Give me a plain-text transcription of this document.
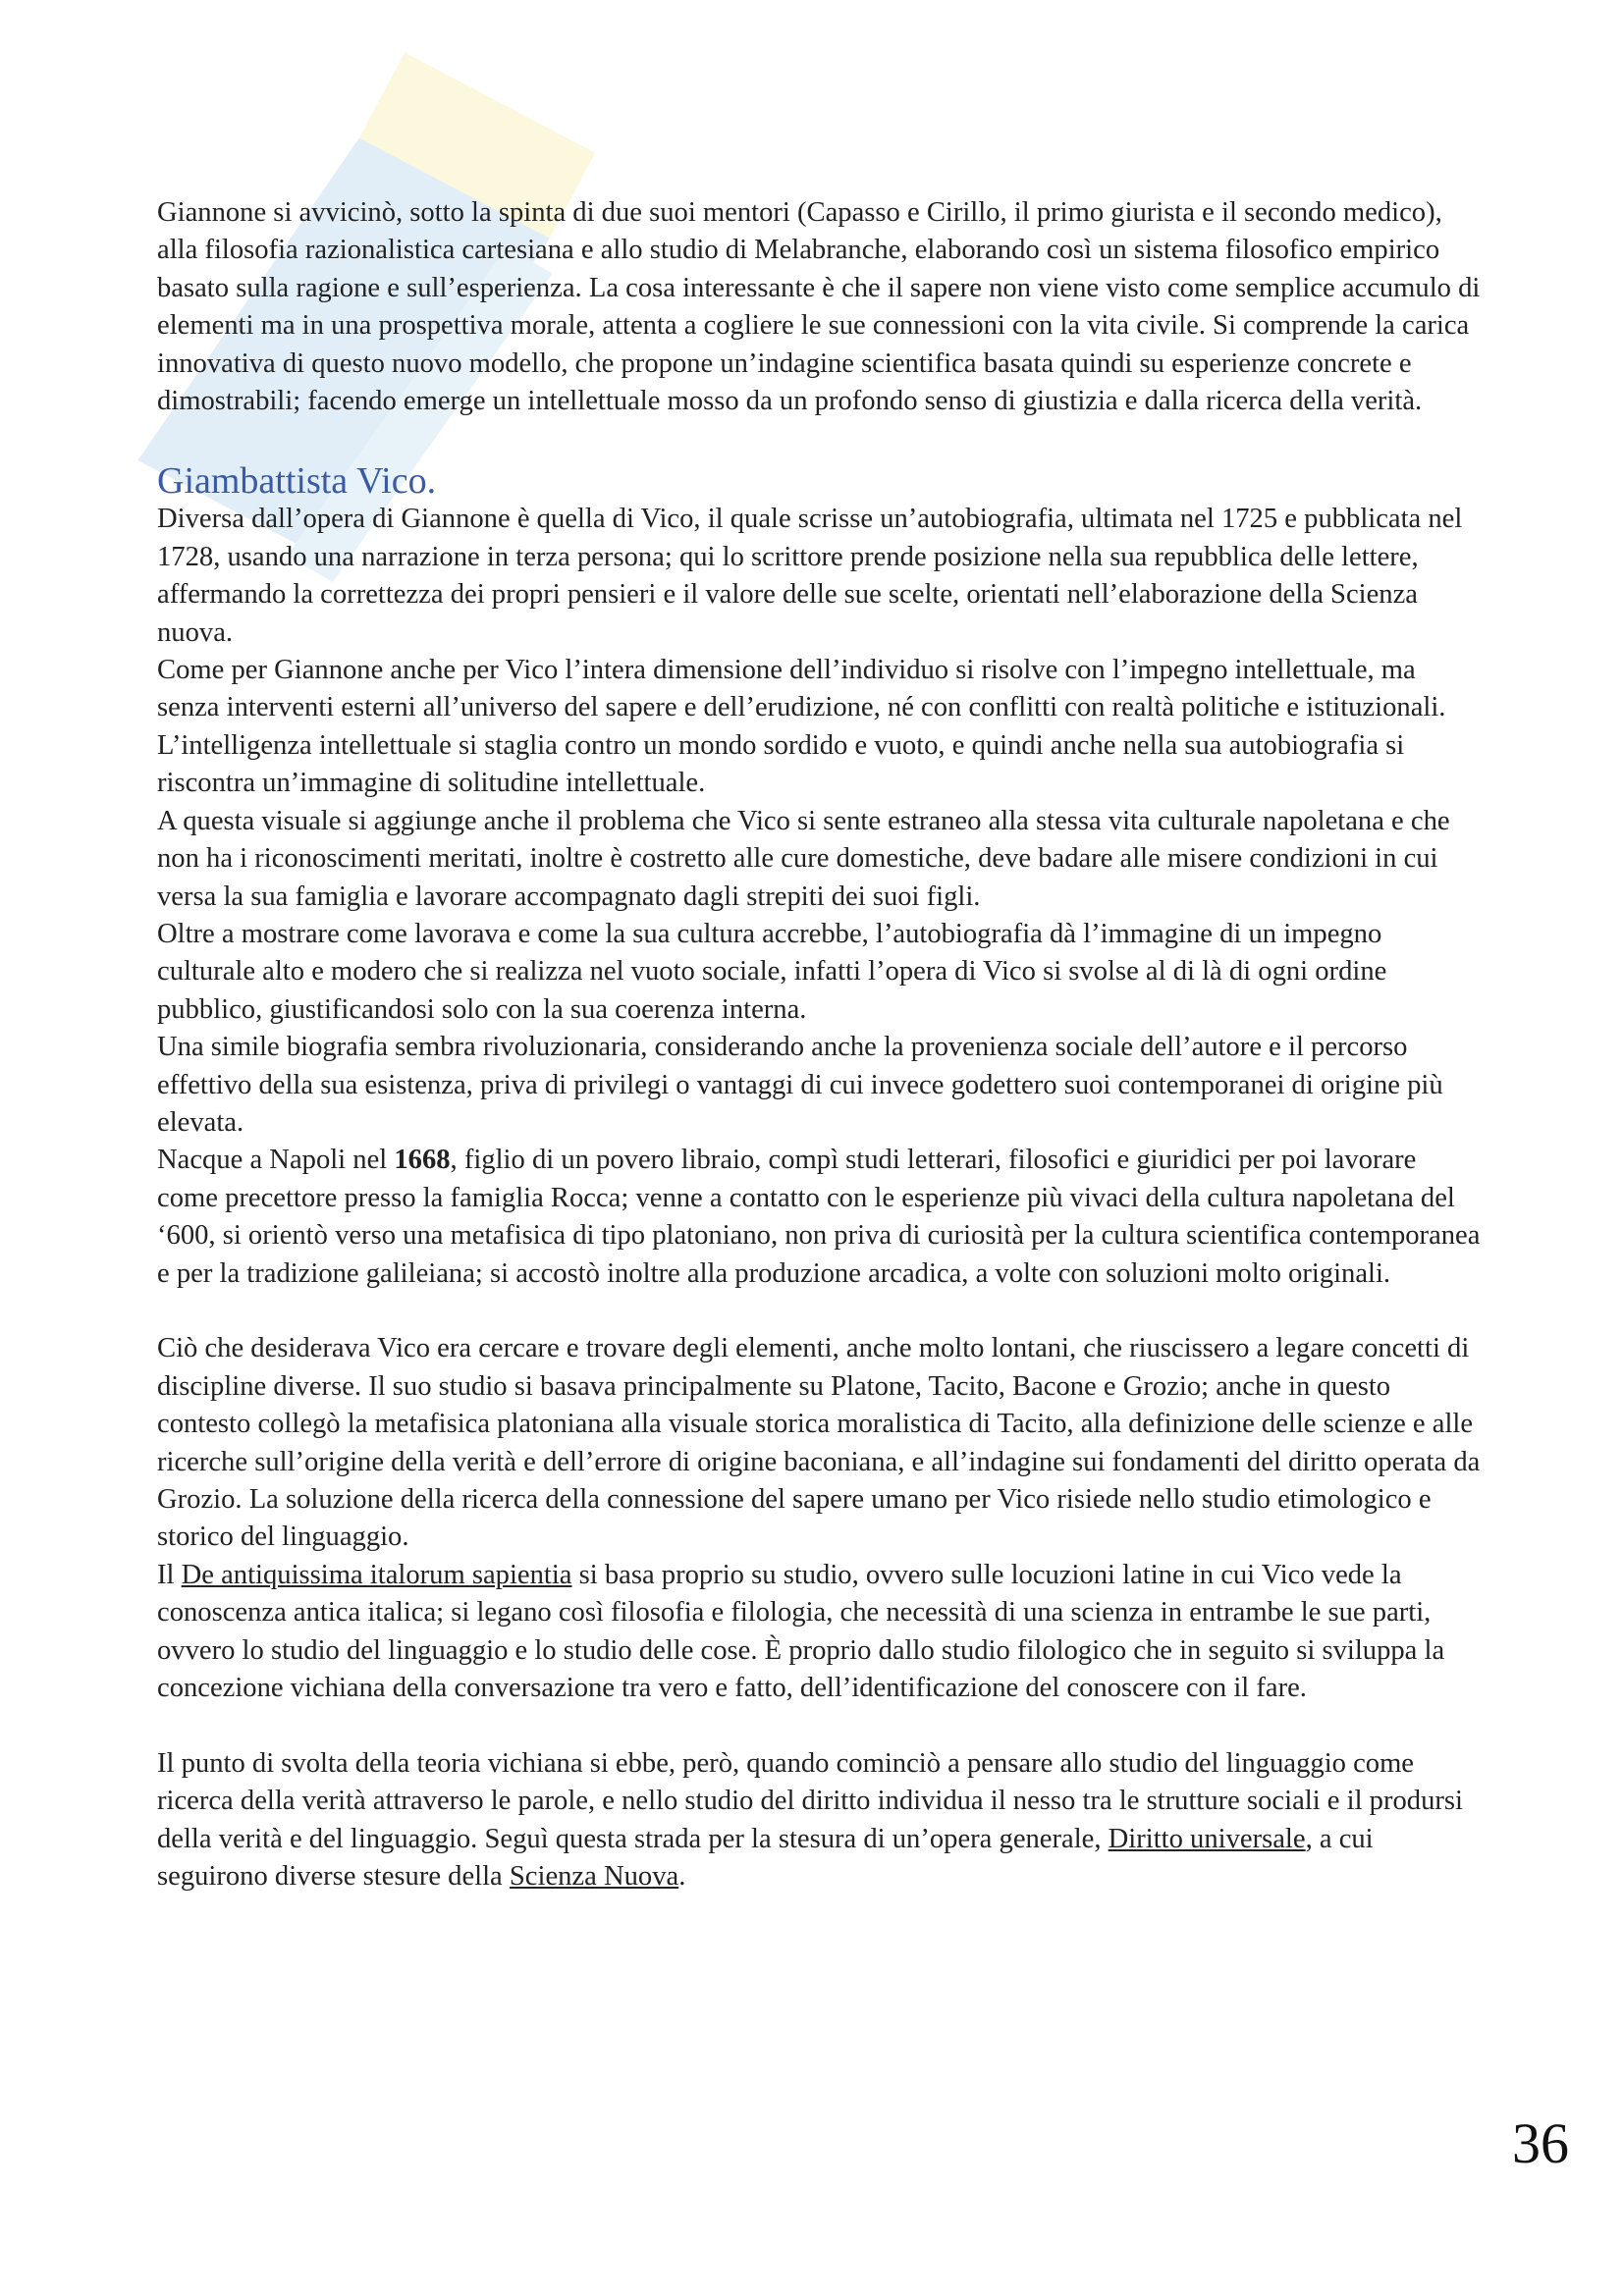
Giannone si avvicinò, sotto la spinta di due suoi mentori (Capasso e Cirillo, il primo giurista e il secondo medico), alla filosofia razionalistica cartesiana e allo studio di Melabranche, elaborando così un sistema filosofico empirico basato sulla ragione e sull’esperienza. La cosa interessante è che il sapere non viene visto come semplice accumulo di elementi ma in una prospettiva morale, attenta a cogliere le sue connessioni con la vita civile. Si comprende la carica innovativa di questo nuovo modello, che propone un’indagine scientifica basata quindi su esperienze concrete e dimostrabili; facendo emerge un intellettuale mosso da un profondo senso di giustizia e dalla ricerca della verità.

Giambattista Vico.

Diversa dall’opera di Giannone è quella di Vico, il quale scrisse un’autobiografia, ultimata nel 1725 e pubblicata nel 1728, usando una narrazione in terza persona; qui lo scrittore prende posizione nella sua repubblica delle lettere, affermando la correttezza dei propri pensieri e il valore delle sue scelte, orientati nell’elaborazione della Scienza nuova.

Come per Giannone anche per Vico l’intera dimensione dell’individuo si risolve con l’impegno intellettuale, ma senza interventi esterni all’universo del sapere e dell’erudizione, né con conflitti con realtà politiche e istituzionali. L’intelligenza intellettuale si staglia contro un mondo sordido e vuoto, e quindi anche nella sua autobiografia si riscontra un’immagine di solitudine intellettuale.

A questa visuale si aggiunge anche il problema che Vico si sente estraneo alla stessa vita culturale napoletana e che non ha i riconoscimenti meritati, inoltre è costretto alle cure domestiche, deve badare alle misere condizioni in cui versa la sua famiglia e lavorare accompagnato dagli strepiti dei suoi figli.

Oltre a mostrare come lavorava e come la sua cultura accrebbe, l’autobiografia dà l’immagine di un impegno culturale alto e modero che si realizza nel vuoto sociale, infatti l’opera di Vico si svolse al di là di ogni ordine pubblico, giustificandosi solo con la sua coerenza interna.

Una simile biografia sembra rivoluzionaria, considerando anche la provenienza sociale dell’autore e il percorso effettivo della sua esistenza, priva di privilegi o vantaggi di cui invece godettero suoi contemporanei di origine più elevata.

Nacque a Napoli nel 1668, figlio di un povero libraio, compì studi letterari, filosofici e giuridici per poi lavorare come precettore presso la famiglia Rocca; venne a contatto con le esperienze più vivaci della cultura napoletana del ‘600, si orientò verso una metafisica di tipo platoniano, non priva di curiosità per la cultura scientifica contemporanea e per la tradizione galileiana; si accostò inoltre alla produzione arcadica, a volte con soluzioni molto originali.

Ciò che desiderava Vico era cercare e trovare degli elementi, anche molto lontani, che riuscissero a legare concetti di discipline diverse. Il suo studio si basava principalmente su Platone, Tacito, Bacone e Grozio; anche in questo contesto collegò la metafisica platoniana alla visuale storica moralistica di Tacito, alla definizione delle scienze e alle ricerche sull’origine della verità e dell’errore di origine baconiana, e all’indagine sui fondamenti del diritto operata da Grozio. La soluzione della ricerca della connessione del sapere umano per Vico risiede nello studio etimologico e storico del linguaggio.

Il De antiquissima italorum sapientia si basa proprio su studio, ovvero sulle locuzioni latine in cui Vico vede la conoscenza antica italica; si legano così filosofia e filologia, che necessità di una scienza in entrambe le sue parti, ovvero lo studio del linguaggio e lo studio delle cose. È proprio dallo studio filologico che in seguito si sviluppa la concezione vichiana della conversazione tra vero e fatto, dell’identificazione del conoscere con il fare.

Il punto di svolta della teoria vichiana si ebbe, però, quando cominciò a pensare allo studio del linguaggio come ricerca della verità attraverso le parole, e nello studio del diritto individua il nesso tra le strutture sociali e il prodursi della verità e del linguaggio. Seguì questa strada per la stesura di un’opera generale, Diritto universale, a cui seguirono diverse stesure della Scienza Nuova.

36
